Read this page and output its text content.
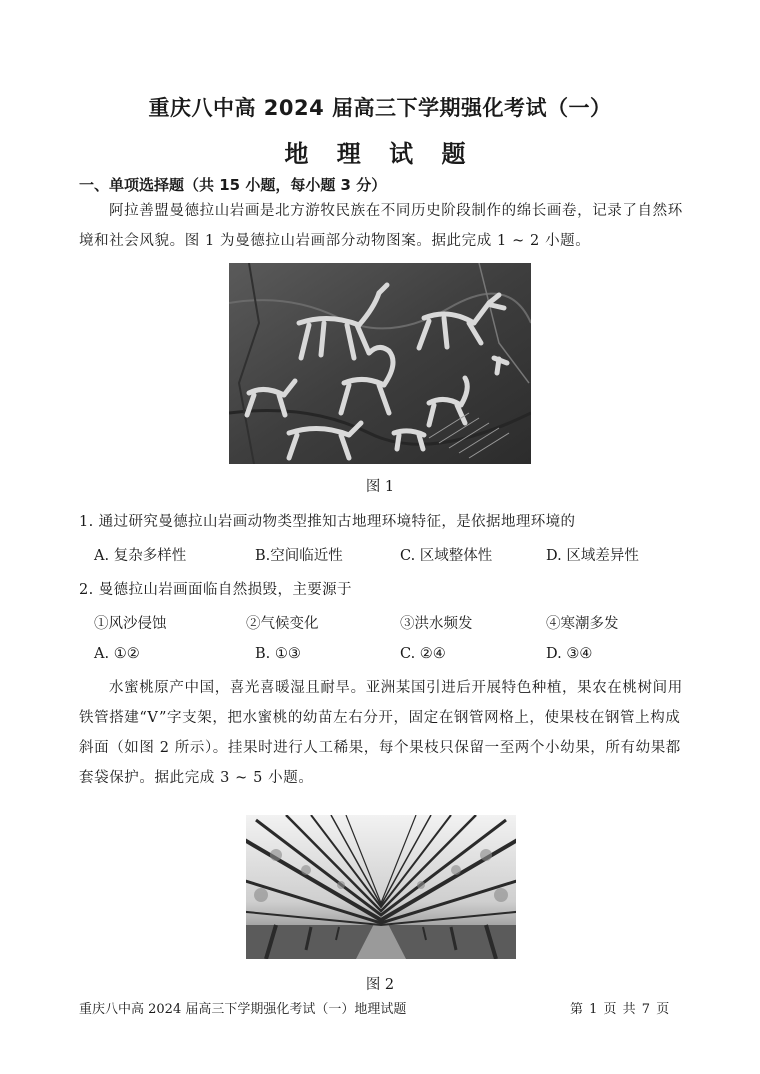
重庆八中高 2024 届高三下学期强化考试（一）
地 理 试 题
一、单项选择题（共 15 小题，每小题 3 分）
阿拉善盟曼德拉山岩画是北方游牧民族在不同历史阶段制作的绵长画卷，记录了自然环境和社会风貌。图 1 为曼德拉山岩画部分动物图案。据此完成 1 ~ 2 小题。
图 1
1. 通过研究曼德拉山岩画动物类型推知古地理环境特征，是依据地理环境的
A. 复杂多样性	B.空间临近性	C. 区域整体性	D. 区域差异性
2. 曼德拉山岩画面临自然损毁，主要源于
①风沙侵蚀	②气候变化	③洪水频发	④寒潮多发
A. ①②	B. ①③	C. ②④	D. ③④
水蜜桃原产中国，喜光喜暖湿且耐旱。亚洲某国引进后开展特色种植，果农在桃树间用铁管搭建“V”字支架，把水蜜桃的幼苗左右分开，固定在钢管网格上，使果枝在钢管上构成斜面（如图 2 所示）。挂果时进行人工稀果，每个果枝只保留一至两个小幼果，所有幼果都套袋保护。据此完成 3 ~ 5 小题。
图 2
重庆八中高 2024 届高三下学期强化考试（一）地理试题	第 1 页 共 7 页
